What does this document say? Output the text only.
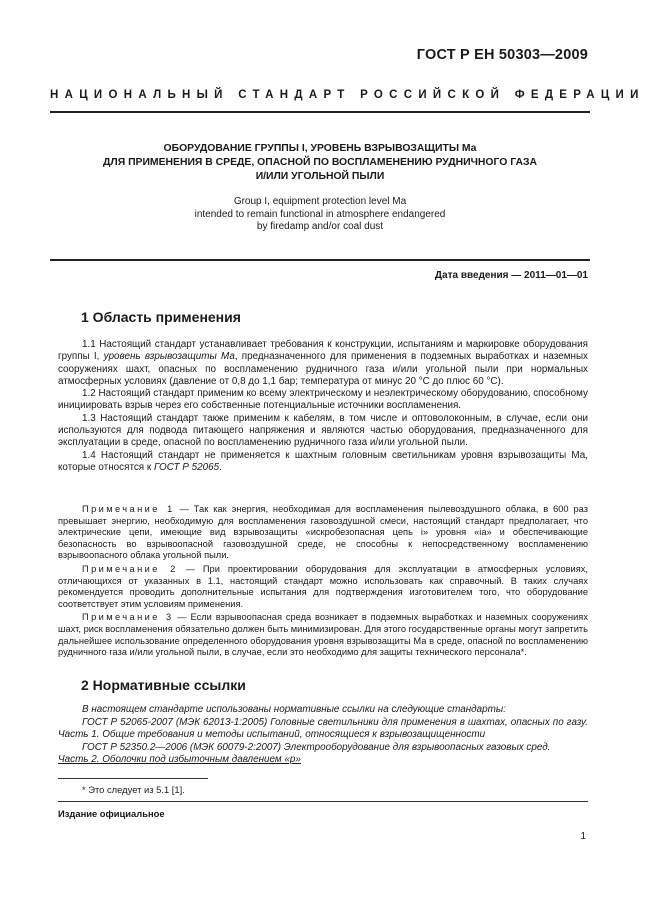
ГОСТ Р ЕН 50303—2009
НАЦИОНАЛЬНЫЙ СТАНДАРТ РОССИЙСКОЙ ФЕДЕРАЦИИ
ОБОРУДОВАНИЕ ГРУППЫ I, УРОВЕНЬ ВЗРЫВОЗАЩИТЫ Ма
ДЛЯ ПРИМЕНЕНИЯ В СРЕДЕ, ОПАСНОЙ ПО ВОСПЛАМЕНЕНИЮ РУДНИЧНОГО ГАЗА
И/ИЛИ УГОЛЬНОЙ ПЫЛИ
Group I, equipment protection level Ma
intended to remain functional in atmosphere endangered
by firedamp and/or coal dust
Дата введения — 2011—01—01
1 Область применения

1.1 Настоящий стандарт устанавливает требования к конструкции, испытаниям и маркировке оборудования группы I, уровень взрывозащиты Ма, предназначенного для применения в подземных выработках и наземных сооружениях шахт, опасных по воспламенению рудничного газа и/или угольной пыли при нормальных атмосферных условиях (давление от 0,8 до 1,1 бар; температура от минус 20 °С до плюс 60 °С).

1.2 Настоящий стандарт применим ко всему электрическому и неэлектрическому оборудованию, способному инициировать взрыв через его собственные потенциальные источники воспламенения.

1.3 Настоящий стандарт также применим к кабелям, в том числе и оптоволоконным, в случае, если они используются для подвода питающего напряжения и являются частью оборудования, предназначенного для эксплуатации в среде, опасной по воспламенению рудничного газа и/или угольной пыли.

1.4 Настоящий стандарт не применяется к шахтным головным светильникам уровня взрывозащиты Ма, которые относятся к ГОСТ Р 52065.

Примечание 1 — Так как энергия, необходимая для воспламенения пылевоздушного облака, в 600 раз превышает энергию, необходимую для воспламенения газовоздушной смеси, настоящий стандарт предполагает, что электрические цепи, имеющие вид взрывозащиты «искробезопасная цепь i» уровня «ia» и обеспечивающие безопасность во взрывоопасной газовоздушной среде, не способны к непосредственному воспламенению взрывоопасного облака угольной пыли.

Примечание 2 — При проектировании оборудования для эксплуатации в атмосферных условиях, отличающихся от указанных в 1.1, настоящий стандарт можно использовать как справочный. В таких случаях рекомендуется проводить дополнительные испытания для подтверждения изготовителем того, что оборудование соответствует этим условиям применения.

Примечание 3 — Если взрывоопасная среда возникает в подземных выработках и наземных сооружениях шахт, риск воспламенения обязательно должен быть минимизирован. Для этого государственные органы могут запретить дальнейшее использование определенного оборудования уровня взрывозащиты Ма в среде, опасной по воспламенению рудничного газа и/или угольной пыли, в случае, если это необходимо для защиты технического персонала*.

2 Нормативные ссылки

В настоящем стандарте использованы нормативные ссылки на следующие стандарты:

ГОСТ Р 52065-2007 (МЭК 62013-1:2005) Головные светильники для применения в шахтах, опасных по газу. Часть 1. Общие требования и методы испытаний, относящиеся к взрывозащищенности

ГОСТ Р 52350.2—2006 (МЭК 60079-2:2007) Электрооборудование для взрывоопасных газовых сред.

Часть 2. Оболочки под избыточным давлением «р»
* Это следует из 5.1 [1].
Издание официальное
1
